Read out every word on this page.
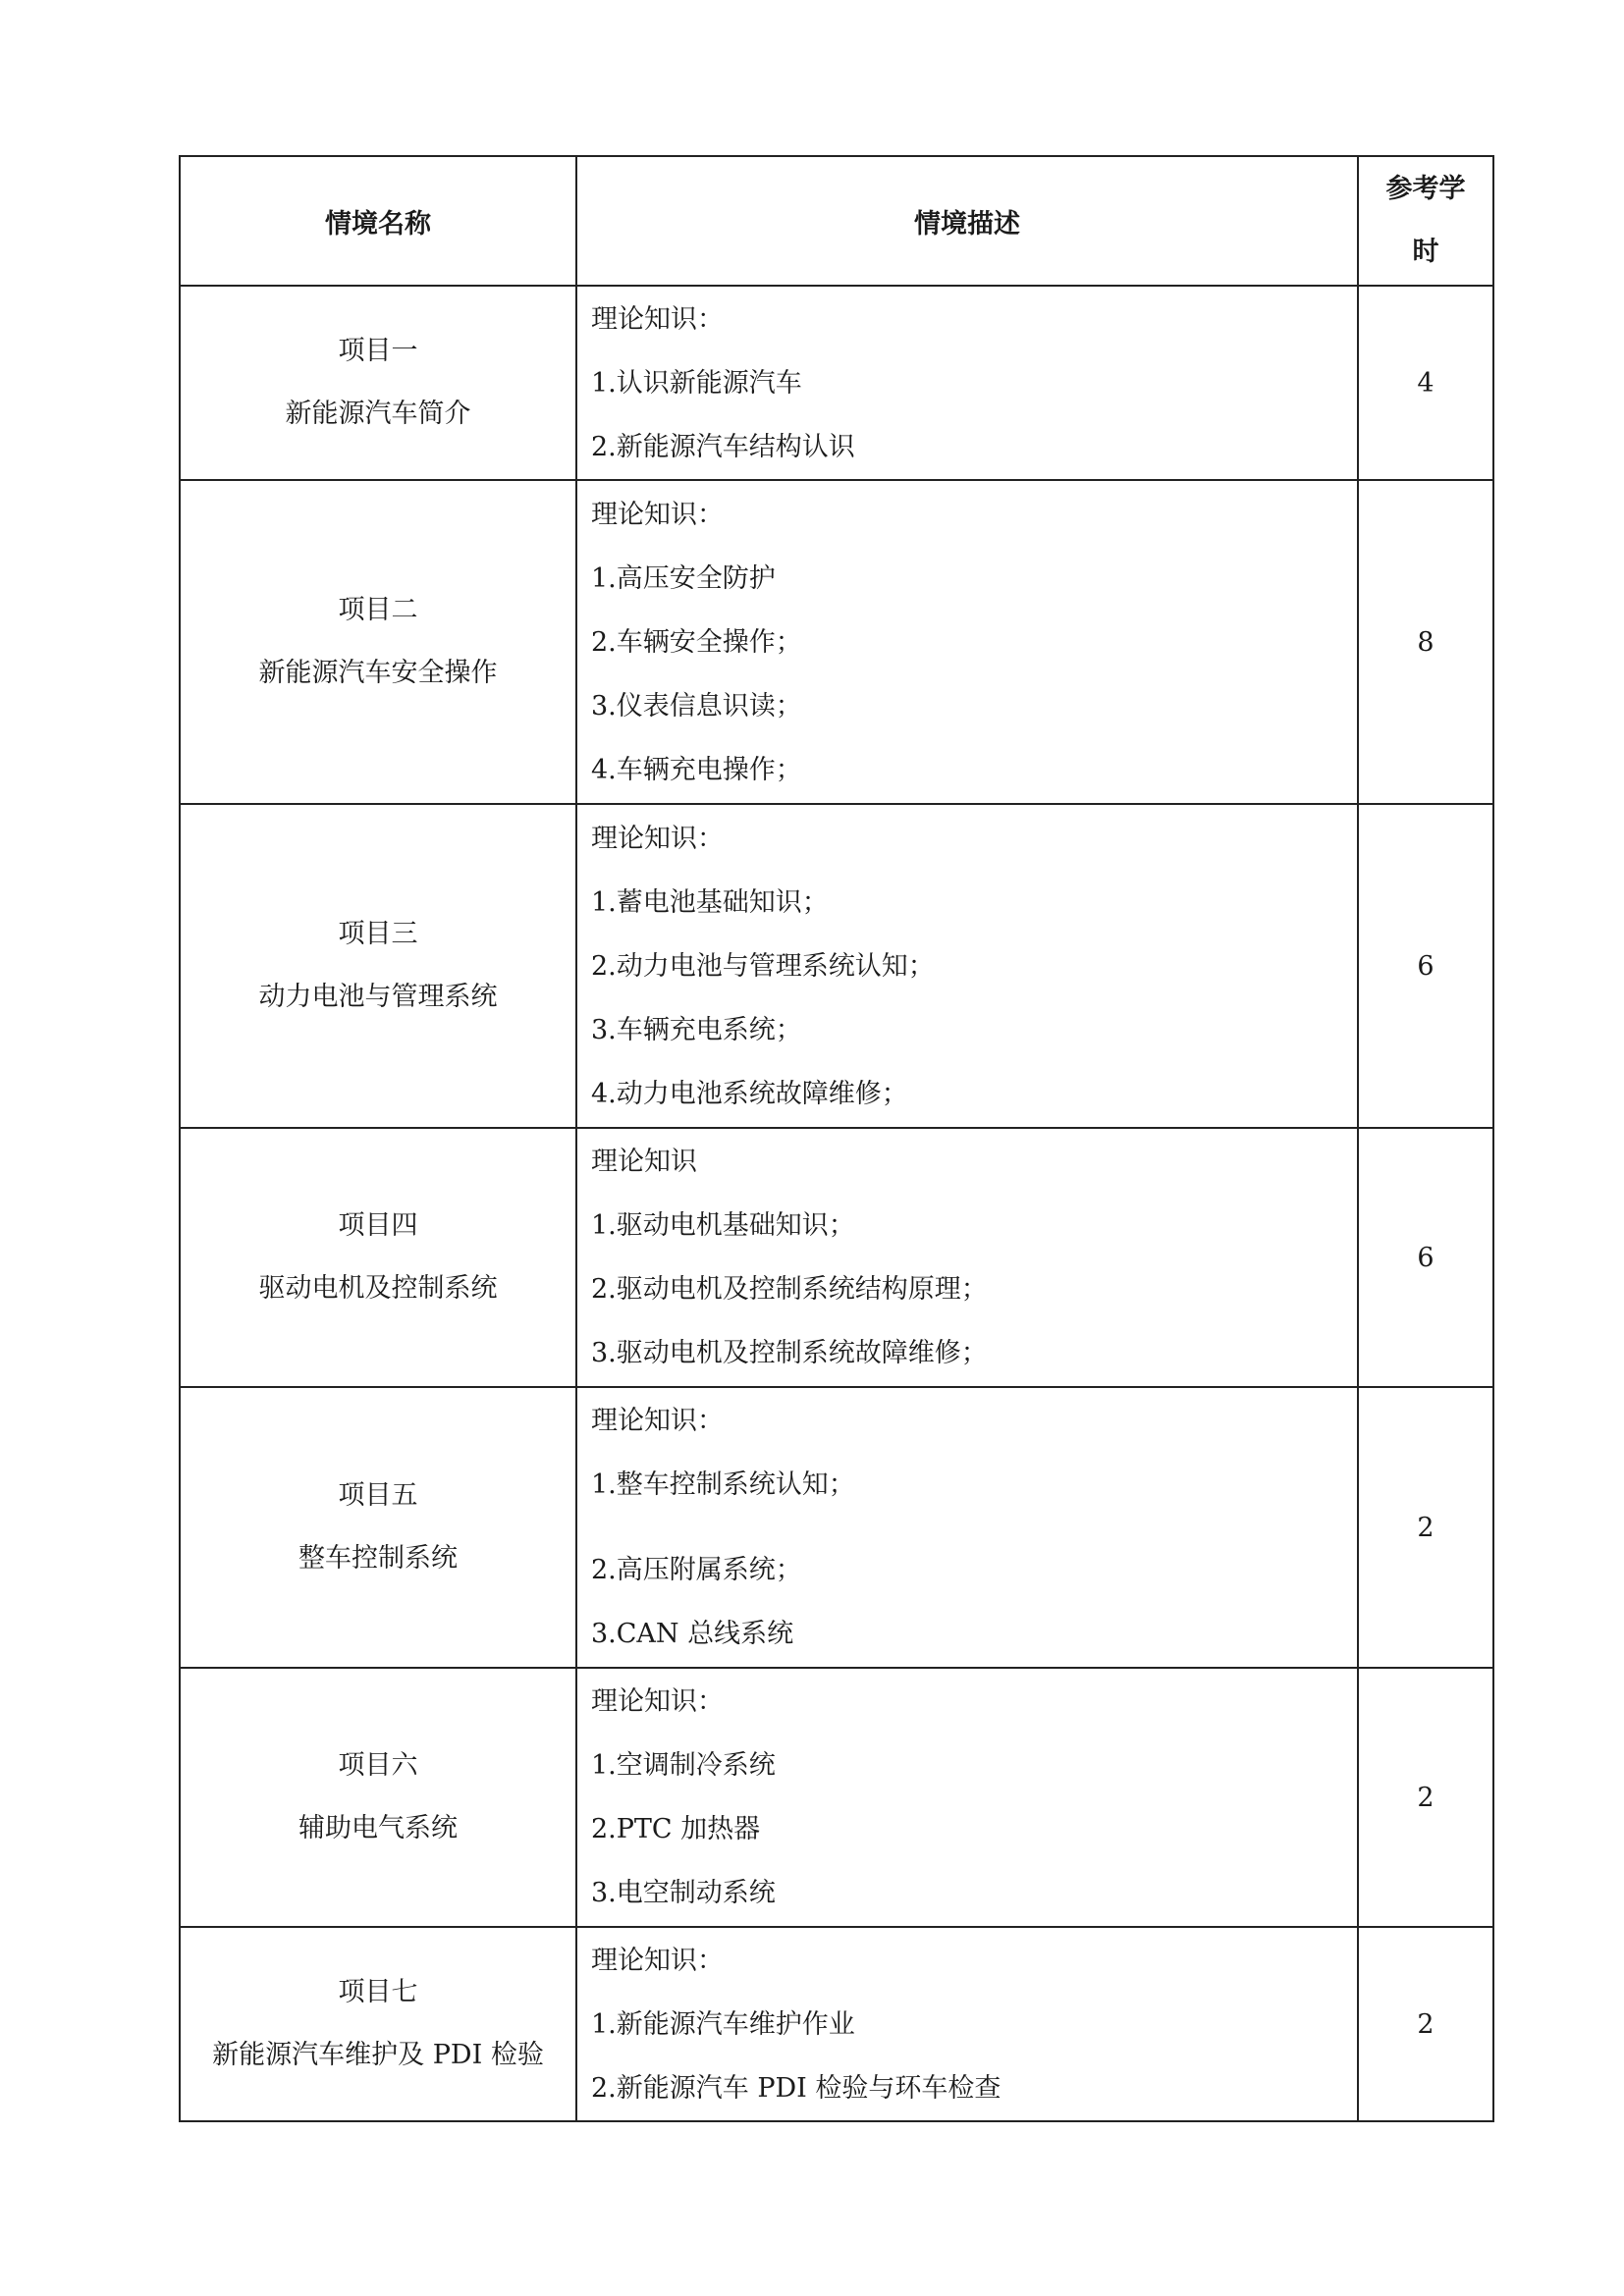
情境名称	情境描述	参考学
时

项目一
新能源汽车简介	理论知识：
1.认识新能源汽车
2.新能源汽车结构认识	4

项目二
新能源汽车安全操作	理论知识：
1.高压安全防护
2.车辆安全操作；
3.仪表信息识读；
4.车辆充电操作；	8

项目三
动力电池与管理系统	理论知识：
1.蓄电池基础知识；
2.动力电池与管理系统认知；
3.车辆充电系统；
4.动力电池系统故障维修；	6

项目四
驱动电机及控制系统	理论知识
1.驱动电机基础知识；
2.驱动电机及控制系统结构原理；
3.驱动电机及控制系统故障维修；	6

项目五
整车控制系统	理论知识：
1.整车控制系统认知；
2.高压附属系统；
3.CAN 总线系统	2

项目六
辅助电气系统	理论知识：
1.空调制冷系统
2.PTC 加热器
3.电空制动系统	2

项目七
新能源汽车维护及 PDI 检验	理论知识：
1.新能源汽车维护作业
2.新能源汽车 PDI 检验与环车检查	2
